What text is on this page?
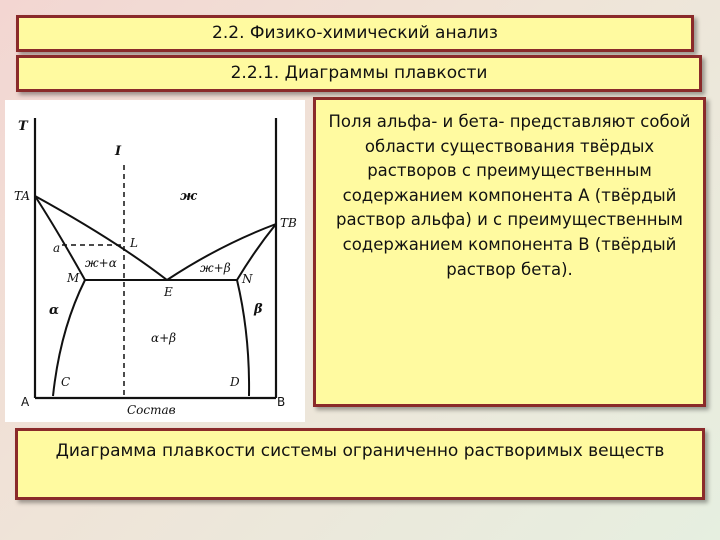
2.2. Физико-химический анализ
2.2.1. Диаграммы плавкости
T
I
TA
TB
ж
a	L
ж+α	ж+β
M	N
E
α	β
α+β
C	D
A	B
Состав
Поля альфа- и бета- представляют собой области существования твёрдых растворов с преимущественным содержанием компонента А (твёрдый раствор альфа) и с преимущественным содержанием компонента В (твёрдый раствор бета).
Диаграмма плавкости системы ограниченно растворимых веществ
